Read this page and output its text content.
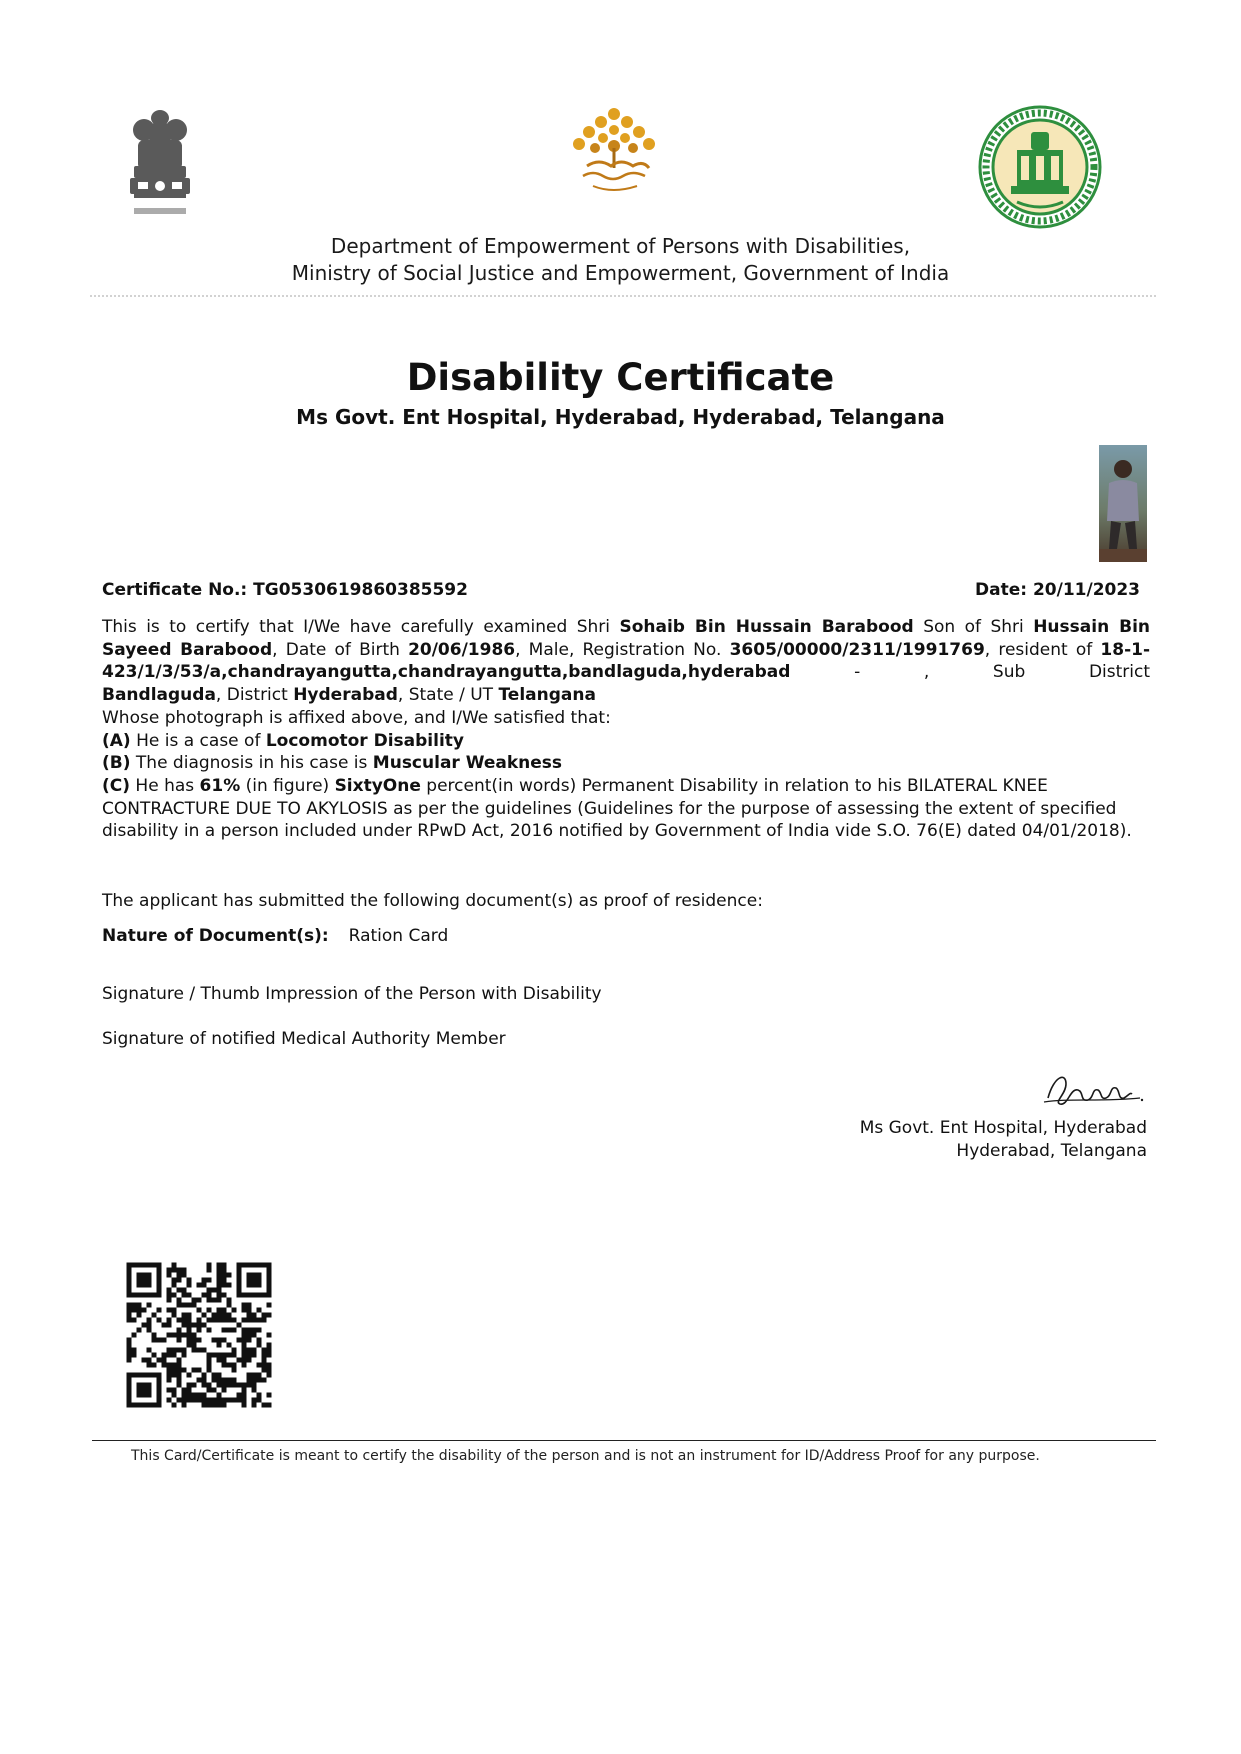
Department of Empowerment of Persons with Disabilities,
Ministry of Social Justice and Empowerment, Government of India
Disability Certificate
Ms Govt. Ent Hospital, Hyderabad, Hyderabad, Telangana
Certificate No.: TG0530619860385592	Date: 20/11/2023
This is to certify that I/We have carefully examined Shri Sohaib Bin Hussain Barabood Son of Shri Hussain Bin Sayeed Barabood, Date of Birth 20/06/1986, Male, Registration No. 3605/00000/2311/1991769, resident of 18-1-423/1/3/53/a,chandrayangutta,chandrayangutta,bandlaguda,hyderabad	- , Sub District
Bandlaguda, District Hyderabad, State / UT Telangana
Whose photograph is affixed above, and I/We satisfied that:
(A) He is a case of Locomotor Disability
(B) The diagnosis in his case is Muscular Weakness
(C) He has 61% (in figure) SixtyOne percent(in words) Permanent Disability in relation to his BILATERAL KNEE CONTRACTURE DUE TO AKYLOSIS as per the guidelines (Guidelines for the purpose of assessing the extent of specified disability in a person included under RPwD Act, 2016 notified by Government of India vide S.O. 76(E) dated 04/01/2018).
The applicant has submitted the following document(s) as proof of residence:
Nature of Document(s): Ration Card
Signature / Thumb Impression of the Person with Disability
Signature of notified Medical Authority Member
Ms Govt. Ent Hospital, Hyderabad
Hyderabad, Telangana
This Card/Certificate is meant to certify the disability of the person and is not an instrument for ID/Address Proof for any purpose.
